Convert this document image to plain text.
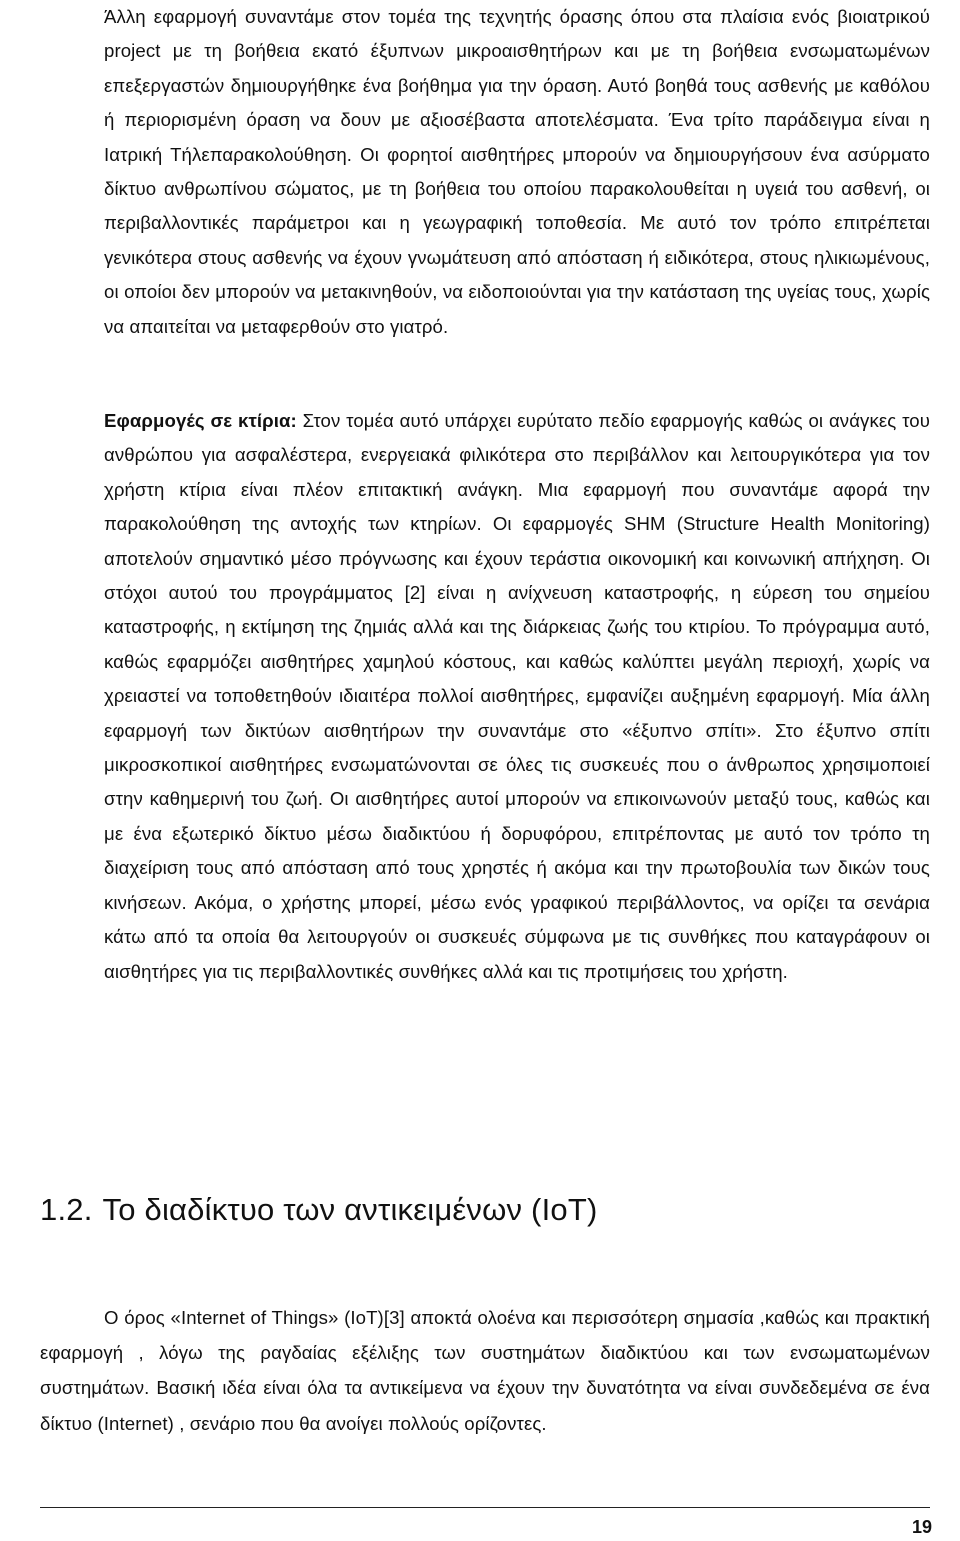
Άλλη εφαρμογή συναντάμε στον τομέα της τεχνητής όρασης όπου στα πλαίσια ενός βιοιατρικού project με τη βοήθεια εκατό έξυπνων μικροαισθητήρων και με τη βοήθεια ενσωματωμένων επεξεργαστών δημιουργήθηκε ένα βοήθημα για την όραση. Αυτό βοηθά τους ασθενής με καθόλου ή περιορισμένη όραση να δουν με αξιοσέβαστα αποτελέσματα. Ένα τρίτο παράδειγμα είναι η Ιατρική Τήλεπαρακολούθηση. Οι φορητοί αισθητήρες μπορούν να δημιουργήσουν ένα ασύρματο δίκτυο ανθρωπίνου σώματος, με τη βοήθεια του οποίου παρακολουθείται η υγειά του ασθενή, οι περιβαλλοντικές παράμετροι και η γεωγραφική τοποθεσία. Με αυτό τον τρόπο επιτρέπεται γενικότερα στους ασθενής να έχουν γνωμάτευση από απόσταση ή ειδικότερα, στους ηλικιωμένους, οι οποίοι δεν μπορούν να μετακινηθούν, να ειδοποιούνται για την κατάσταση της υγείας τους, χωρίς να απαιτείται να μεταφερθούν στο γιατρό.

Εφαρμογές σε κτίρια: Στον τομέα αυτό υπάρχει ευρύτατο πεδίο εφαρμογής καθώς οι ανάγκες του ανθρώπου για ασφαλέστερα, ενεργειακά φιλικότερα στο περιβάλλον και λειτουργικότερα για τον χρήστη κτίρια είναι πλέον επιτακτική ανάγκη. Μια εφαρμογή που συναντάμε αφορά την παρακολούθηση της αντοχής των κτηρίων. Οι εφαρμογές SHM (Structure Health Monitoring) αποτελούν σημαντικό μέσο πρόγνωσης και έχουν τεράστια οικονομική και κοινωνική απήχηση. Οι στόχοι αυτού του προγράμματος [2] είναι η ανίχνευση καταστροφής, η εύρεση του σημείου καταστροφής, η εκτίμηση της ζημιάς αλλά και της διάρκειας ζωής του κτιρίου. Το πρόγραμμα αυτό, καθώς εφαρμόζει αισθητήρες χαμηλού κόστους, και καθώς καλύπτει μεγάλη περιοχή, χωρίς να χρειαστεί να τοποθετηθούν ιδιαιτέρα πολλοί αισθητήρες, εμφανίζει αυξημένη εφαρμογή. Μία άλλη εφαρμογή των δικτύων αισθητήρων την συναντάμε στο «έξυπνο σπίτι». Στο έξυπνο σπίτι μικροσκοπικοί αισθητήρες ενσωματώνονται σε όλες τις συσκευές που ο άνθρωπος χρησιμοποιεί στην καθημερινή του ζωή. Οι αισθητήρες αυτοί μπορούν να επικοινωνούν μεταξύ τους, καθώς και με ένα εξωτερικό δίκτυο μέσω διαδικτύου ή δορυφόρου, επιτρέποντας με αυτό τον τρόπο τη διαχείριση τους από απόσταση από τους χρηστές ή ακόμα και την πρωτοβουλία των δικών τους κινήσεων. Ακόμα, ο χρήστης μπορεί, μέσω ενός γραφικού περιβάλλοντος, να ορίζει τα σενάρια κάτω από τα οποία θα λειτουργούν οι συσκευές σύμφωνα με τις συνθήκες που καταγράφουν οι αισθητήρες για τις περιβαλλοντικές συνθήκες αλλά και τις προτιμήσεις του χρήστη.

1.2. Το διαδίκτυο των αντικειμένων (IoT)

Ο όρος «Internet of Things» (IoT)[3] αποκτά ολοένα και περισσότερη σημασία ,καθώς και πρακτική εφαρμογή , λόγω της ραγδαίας εξέλιξης των συστημάτων διαδικτύου και των ενσωματωμένων συστημάτων. Βασική ιδέα είναι όλα τα αντικείμενα να έχουν την δυνατότητα να είναι συνδεδεμένα σε ένα δίκτυο (Internet) , σενάριο που θα ανοίγει πολλούς ορίζοντες.

19
